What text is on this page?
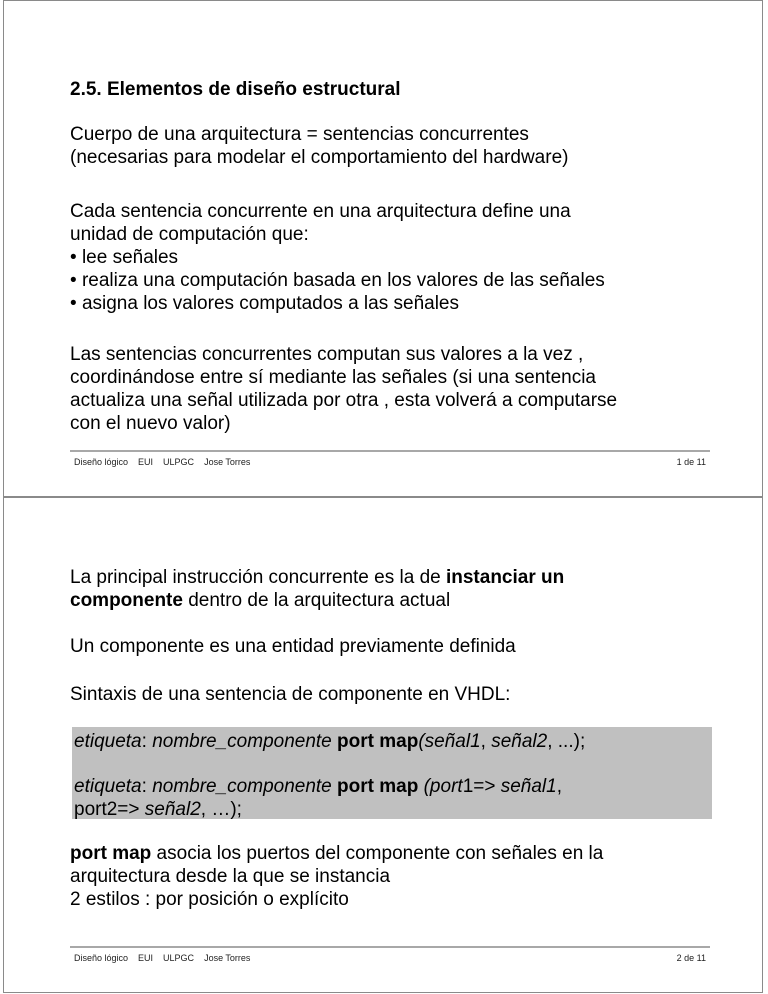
2.5. Elementos de diseño estructural

Cuerpo de una arquitectura = sentencias concurrentes

(necesarias para modelar el comportamiento del hardware)

Cada sentencia concurrente en una arquitectura define una

unidad de computación que:

• lee señales

• realiza una computación basada en los valores de las señales

• asigna los valores computados a las señales

Las sentencias concurrentes computan sus valores a la vez ,

coordinándose entre sí mediante las señales (si una sentencia

actualiza una señal utilizada por otra , esta volverá a computarse

con el nuevo valor)

Diseño lógico EUI ULPGC Jose Torres	1 de 11

La principal instrucción concurrente es la de instanciar un

componente dentro de la arquitectura actual

Un componente es una entidad previamente definida
Sintaxis de una sentencia de componente en VHDL:

etiqueta: nombre_componente port map(señal1, señal2, ...);

etiqueta: nombre_componente port map (port1=> señal1,

port2=> señal2, …);

port map asocia los puertos del componente con señales en la

arquitectura desde la que se instancia

2 estilos : por posición o explícito

Diseño lógico EUI ULPGC Jose Torres	2 de 11
